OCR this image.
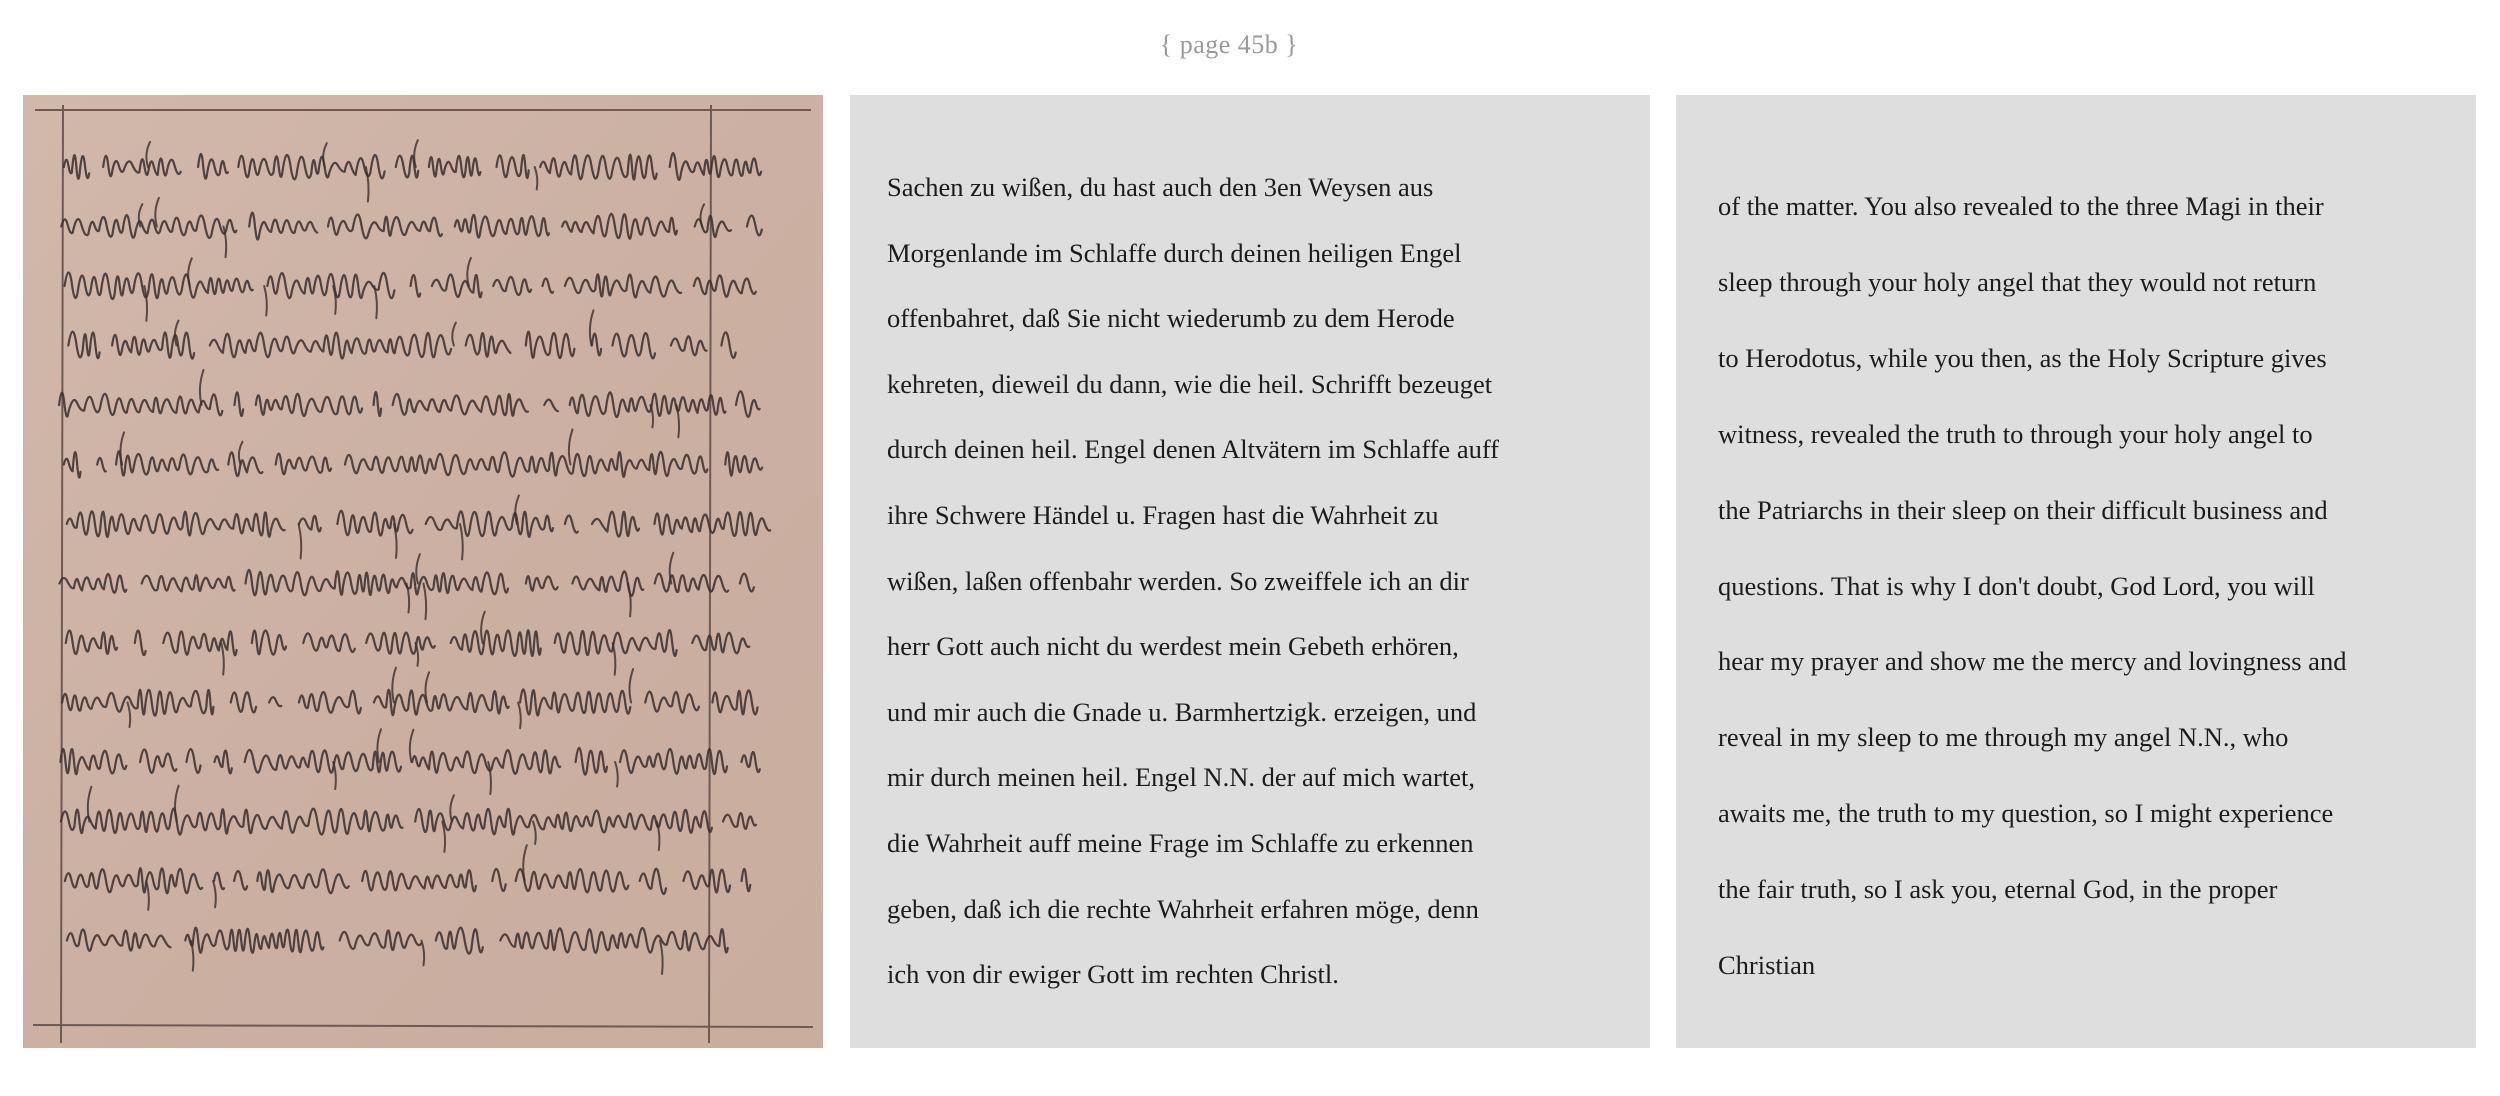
{ page 45b }
Sachen zu wißen, du hast auch den 3en Weysen aus
Morgenlande im Schlaffe durch deinen heiligen Engel
offenbahret, daß Sie nicht wiederumb zu dem Herode
kehreten, dieweil du dann, wie die heil. Schrifft bezeuget
durch deinen heil. Engel denen Altvätern im Schlaffe auff
ihre Schwere Händel u. Fragen hast die Wahrheit zu
wißen, laßen offenbahr werden. So zweiffele ich an dir
herr Gott auch nicht du werdest mein Gebeth erhören,
und mir auch die Gnade u. Barmhertzigk. erzeigen, und
mir durch meinen heil. Engel N.N. der auf mich wartet,
die Wahrheit auff meine Frage im Schlaffe zu erkennen
geben, daß ich die rechte Wahrheit erfahren möge, denn
ich von dir ewiger Gott im rechten Christl.
of the matter. You also revealed to the three Magi in their
sleep through your holy angel that they would not return
to Herodotus, while you then, as the Holy Scripture gives
witness, revealed the truth to through your holy angel to
the Patriarchs in their sleep on their difficult business and
questions. That is why I don't doubt, God Lord, you will
hear my prayer and show me the mercy and lovingness and
reveal in my sleep to me through my angel N.N., who
awaits me, the truth to my question, so I might experience
the fair truth, so I ask you, eternal God, in the proper
Christian
